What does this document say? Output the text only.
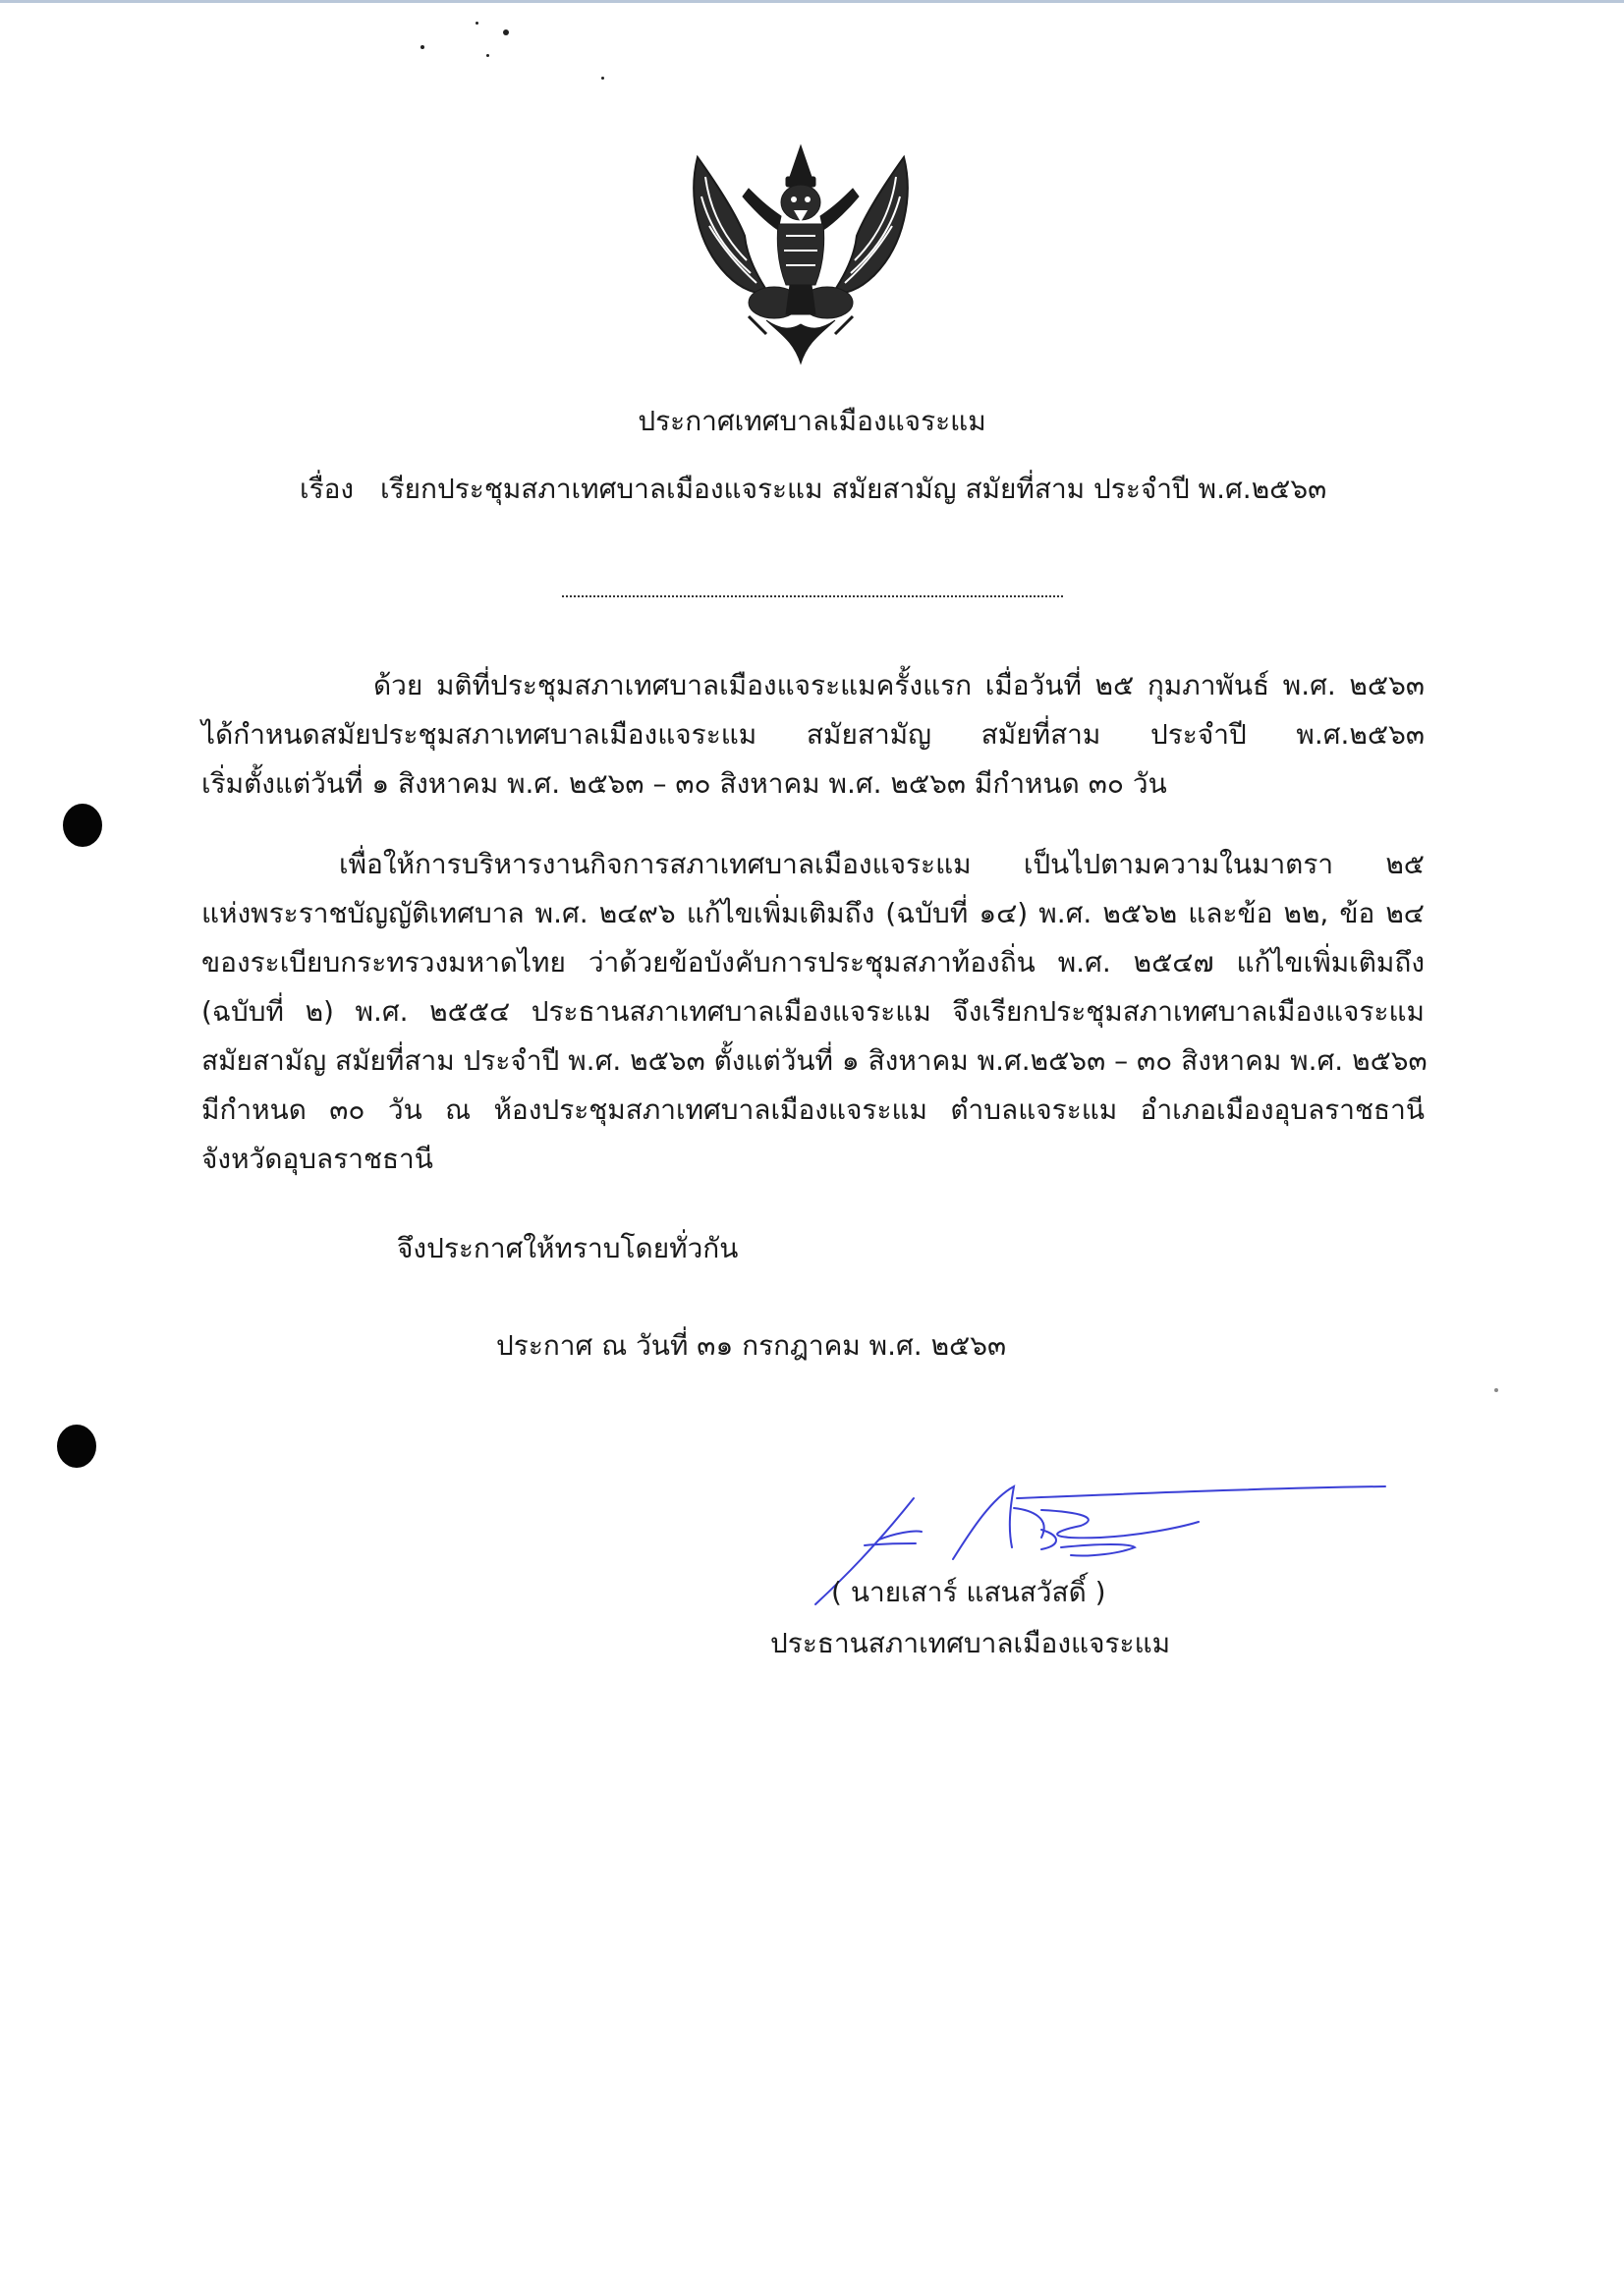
ประกาศเทศบาลเมืองแจระแม
เรื่อง เรียกประชุมสภาเทศบาลเมืองแจระแม สมัยสามัญ สมัยที่สาม ประจำปี พ.ศ.๒๕๖๓
ด้วย มติที่ประชุมสภาเทศบาลเมืองแจระแมครั้งแรก เมื่อวันที่ ๒๕ กุมภาพันธ์ พ.ศ. ๒๕๖๓
ได้กำหนดสมัยประชุมสภาเทศบาลเมืองแจระแม สมัยสามัญ สมัยที่สาม ประจำปี พ.ศ.๒๕๖๓
เริ่มตั้งแต่วันที่ ๑ สิงหาคม พ.ศ. ๒๕๖๓ – ๓๐ สิงหาคม พ.ศ. ๒๕๖๓ มีกำหนด ๓๐ วัน
เพื่อให้การบริหารงานกิจการสภาเทศบาลเมืองแจระแม เป็นไปตามความในมาตรา ๒๕
แห่งพระราชบัญญัติเทศบาล พ.ศ. ๒๔๙๖ แก้ไขเพิ่มเติมถึง (ฉบับที่ ๑๔) พ.ศ. ๒๕๖๒ และข้อ ๒๒, ข้อ ๒๔
ของระเบียบกระทรวงมหาดไทย ว่าด้วยข้อบังคับการประชุมสภาท้องถิ่น พ.ศ. ๒๕๔๗ แก้ไขเพิ่มเติมถึง
(ฉบับที่ ๒) พ.ศ. ๒๕๕๔ ประธานสภาเทศบาลเมืองแจระแม จึงเรียกประชุมสภาเทศบาลเมืองแจระแม
สมัยสามัญ สมัยที่สาม ประจำปี พ.ศ. ๒๕๖๓ ตั้งแต่วันที่ ๑ สิงหาคม พ.ศ.๒๕๖๓ – ๓๐ สิงหาคม พ.ศ. ๒๕๖๓
มีกำหนด ๓๐ วัน ณ ห้องประชุมสภาเทศบาลเมืองแจระแม ตำบลแจระแม อำเภอเมืองอุบลราชธานี
จังหวัดอุบลราชธานี
จึงประกาศให้ทราบโดยทั่วกัน
ประกาศ ณ วันที่ ๓๑ กรกฎาคม พ.ศ. ๒๕๖๓
( นายเสาร์ แสนสวัสดิ์ )
ประธานสภาเทศบาลเมืองแจระแม
